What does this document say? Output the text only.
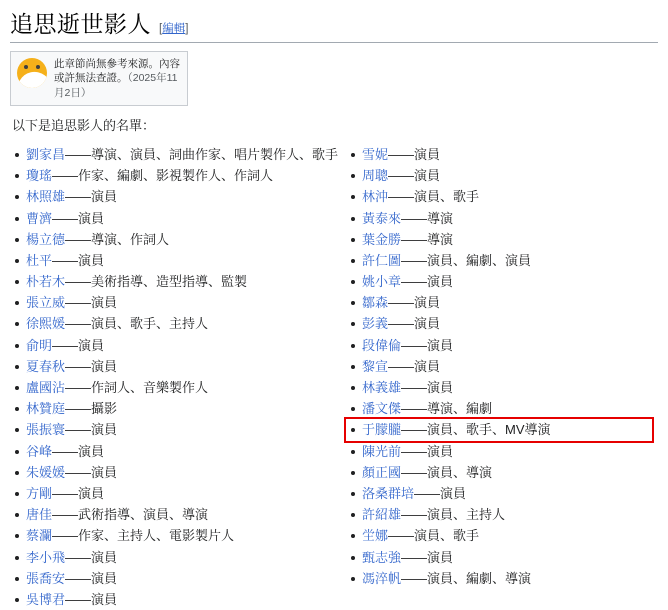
追思逝世影人 [編輯]
此章節尚無參考來源。內容或許無法查證。（2025年11月2日）

以下是追思影人的名單：

劉家昌——導演、演員、詞曲作家、唱片製作人、歌手
瓊瑤——作家、編劇、影視製作人、作詞人
林照雄——演員
曹濟——演員
楊立德——導演、作詞人
杜平——演員
朴若木——美術指導、造型指導、監製
張立威——演員
徐熙媛——演員、歌手、主持人
俞明——演員
夏春秋——演員
盧國沾——作詞人、音樂製作人
林贊庭——攝影
張振寰——演員
谷峰——演員
朱媛媛——演員
方剛——演員
唐佳——武術指導、演員、導演
蔡瀾——作家、主持人、電影製片人
李小飛——演員
張喬安——演員
吳博君——演員
雪妮——演員
周聰——演員
林沖——演員、歌手
黃泰來——導演
葉金勝——導演
許仁圖——演員、編劇、演員
姚小章——演員
鄒森——演員
彭義——演員
段偉倫——演員
黎宣——演員
林義雄——演員
潘文傑——導演、編劇
于朦朧——演員、歌手、MV導演
陳光前——演員
顏正國——演員、導演
洛桑群培——演員
許紹雄——演員、主持人
坣娜——演員、歌手
甄志強——演員
馮淬帆——演員、編劇、導演
